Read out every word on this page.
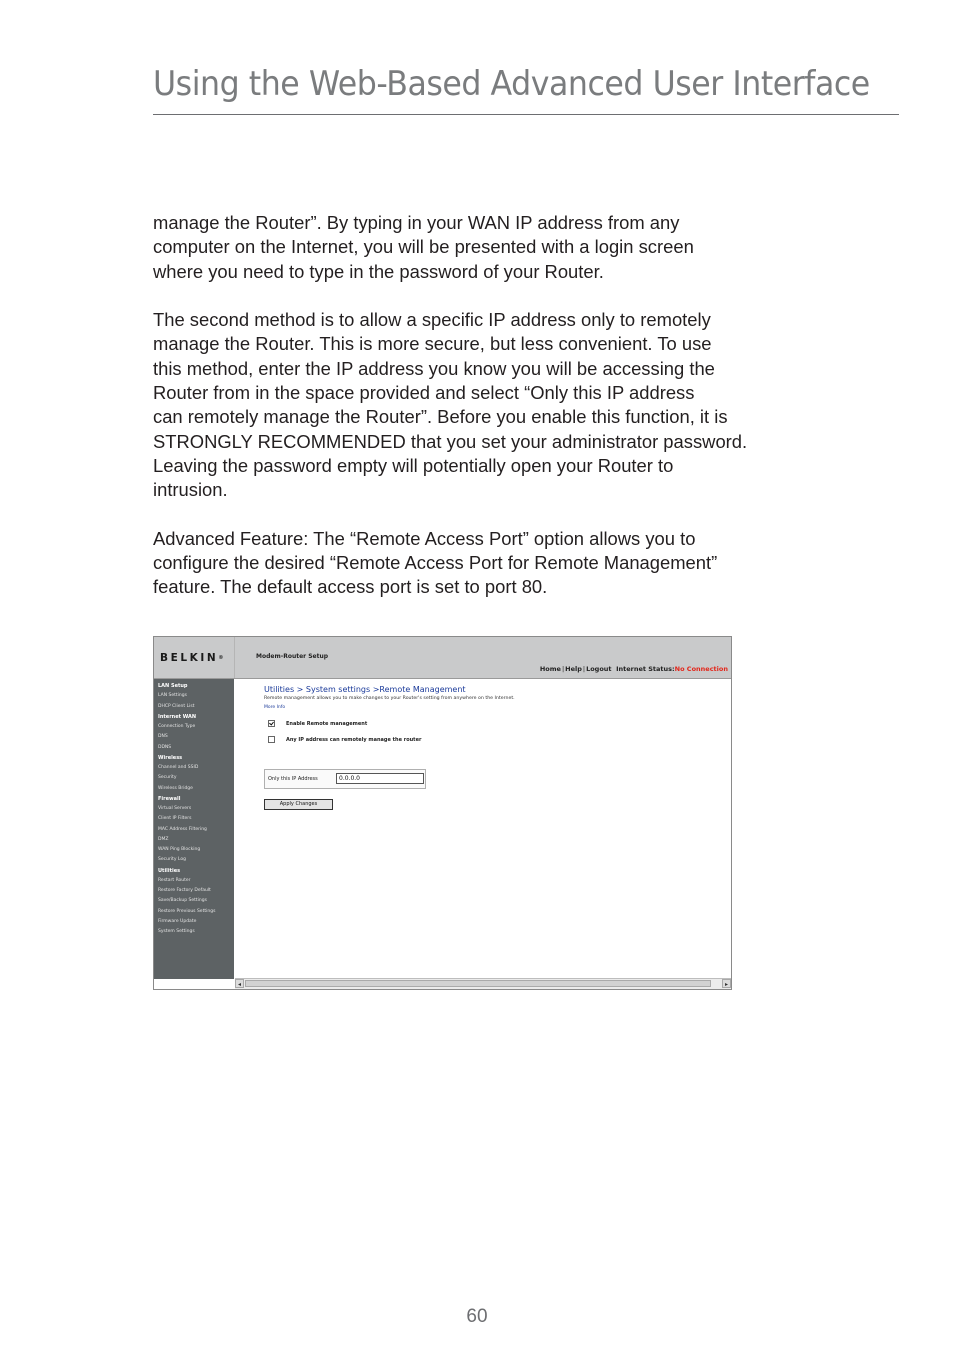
Using the Web-Based Advanced User Interface

manage the Router”. By typing in your WAN IP address from any
computer on the Internet, you will be presented with a login screen
where you need to type in the password of your Router.

The second method is to allow a specific IP address only to remotely
manage the Router. This is more secure, but less convenient. To use
this method, enter the IP address you know you will be accessing the
Router from in the space provided and select “Only this IP address
can remotely manage the Router”. Before you enable this function, it is
STRONGLY RECOMMENDED that you set your administrator password.
Leaving the password empty will potentially open your Router to
intrusion.

Advanced Feature: The “Remote Access Port” option allows you to
configure the desired “Remote Access Port for Remote Management”
feature. The default access port is set to port 80.

BELKIN®	Modem-Router Setup
Home|Help|Logout Internet Status:No Connection
LAN Setup
LAN Settings
DHCP Client List
Internet WAN
Connection Type
DNS
DDNS
Wireless
Channel and SSID
Security
Wireless Bridge
Firewall
Virtual Servers
Client IP Filters
MAC Address Filtering
DMZ
WAN Ping Blocking
Security Log
Utilities
Restart Router
Restore Factory Default
Save/Backup Settings
Restore Previous Settings
Firmware Update
System Settings
Utilities > System settings >Remote Management
Remote management allows you to make changes to your Router's setting from anywhere on the Internet.
More Info
Enable Remote management
Any IP address can remotely manage the router
Only this IP Address	0.0.0.0
Apply Changes
◂	▸
60
